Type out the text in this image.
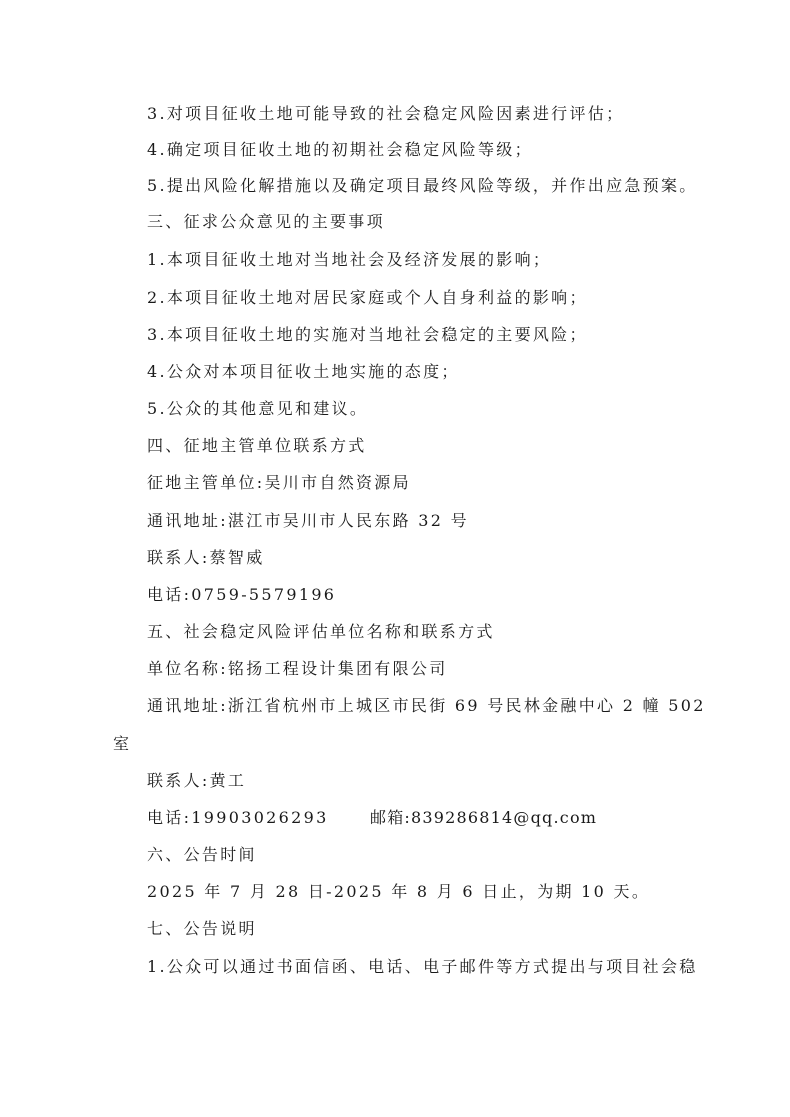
3.对项目征收土地可能导致的社会稳定风险因素进行评估；
4.确定项目征收土地的初期社会稳定风险等级；
5.提出风险化解措施以及确定项目最终风险等级，并作出应急预案。
三、征求公众意见的主要事项
1.本项目征收土地对当地社会及经济发展的影响；
2.本项目征收土地对居民家庭或个人自身利益的影响；
3.本项目征收土地的实施对当地社会稳定的主要风险；
4.公众对本项目征收土地实施的态度；
5.公众的其他意见和建议。
四、征地主管单位联系方式
征地主管单位:吴川市自然资源局
通讯地址:湛江市吴川市人民东路 32 号
联系人:蔡智威
电话:0759-5579196
五、社会稳定风险评估单位名称和联系方式
单位名称:铭扬工程设计集团有限公司
通讯地址:浙江省杭州市上城区市民街 69 号民林金融中心 2 幢 502
室
联系人:黄工
电话:19903026293	邮箱:839286814@qq.com
六、公告时间
2025 年 7 月 28 日-2025 年 8 月 6 日止，为期 10 天。
七、公告说明
1.公众可以通过书面信函、电话、电子邮件等方式提出与项目社会稳
